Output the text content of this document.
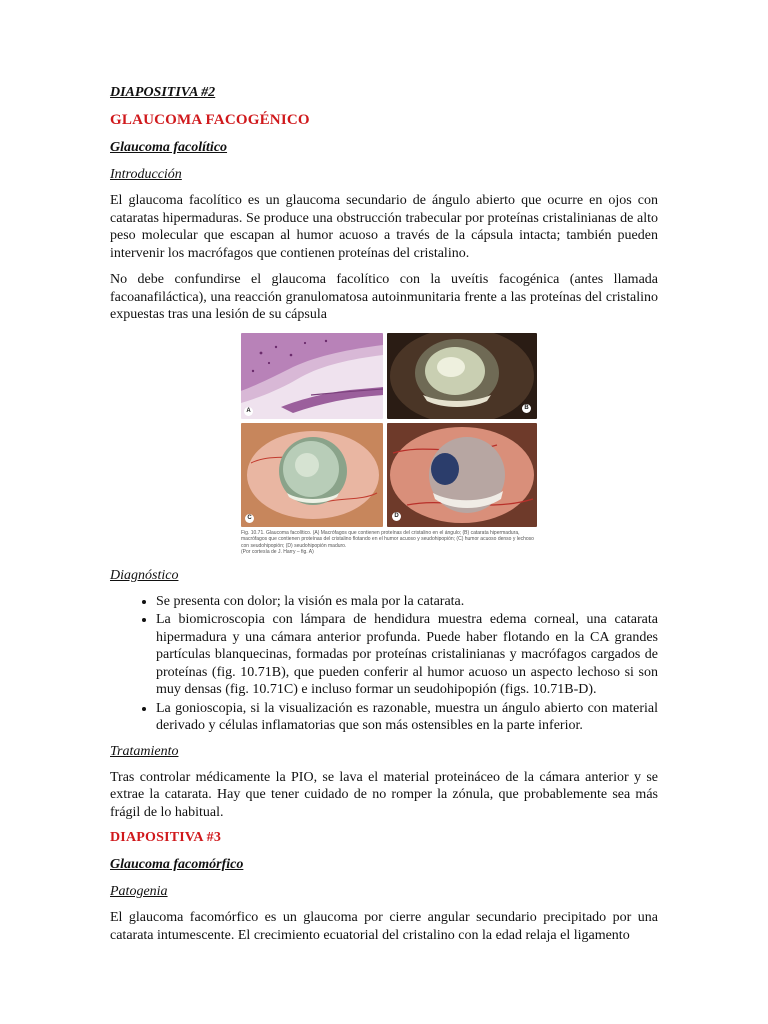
DIAPOSITIVA #2
GLAUCOMA FACOGÉNICO
Glaucoma facolítico
Introducción

El glaucoma facolítico es un glaucoma secundario de ángulo abierto que ocurre en ojos con cataratas hipermaduras. Se produce una obstrucción trabecular por proteínas cristalinianas de alto peso molecular que escapan al humor acuoso a través de la cápsula intacta; también pueden intervenir los macrófagos que contienen proteínas del cristalino.

No debe confundirse el glaucoma facolítico con la uveítis facogénica (antes llamada facoanafiláctica), una reacción granulomatosa autoinmunitaria frente a las proteínas del cristalino expuestas tras una lesión de su cápsula

A	B
C	D
Fig. 10.71. Glaucoma facolítico. (A) Macrófagos que contienen proteínas del cristalino en el ángulo; (B) catarata hipermadura, macrófagos que contienen proteínas del cristalino flotando en el humor acuoso y seudohipopión; (C) humor acuoso denso y lechoso con seudohipopión; (D) seudohipopión maduro.
(Por cortesía de J. Harry – fig. A)
Diagnóstico
• Se presenta con dolor; la visión es mala por la catarata.
• La biomicroscopia con lámpara de hendidura muestra edema corneal, una catarata hipermadura y una cámara anterior profunda. Puede haber flotando en la CA grandes partículas blanquecinas, formadas por proteínas cristalinianas y macrófagos cargados de proteínas (fig. 10.71B), que pueden conferir al humor acuoso un aspecto lechoso si son muy densas (fig. 10.71C) e incluso formar un seudohipopión (figs. 10.71B-D).
• La gonioscopia, si la visualización es razonable, muestra un ángulo abierto con material derivado y células inflamatorias que son más ostensibles en la parte inferior.
Tratamiento

Tras controlar médicamente la PIO, se lava el material proteináceo de la cámara anterior y se extrae la catarata. Hay que tener cuidado de no romper la zónula, que probablemente sea más frágil de lo habitual.

DIAPOSITIVA #3
Glaucoma facomórfico
Patogenia

El glaucoma facomórfico es un glaucoma por cierre angular secundario precipitado por una catarata intumescente. El crecimiento ecuatorial del cristalino con la edad relaja el ligamento
